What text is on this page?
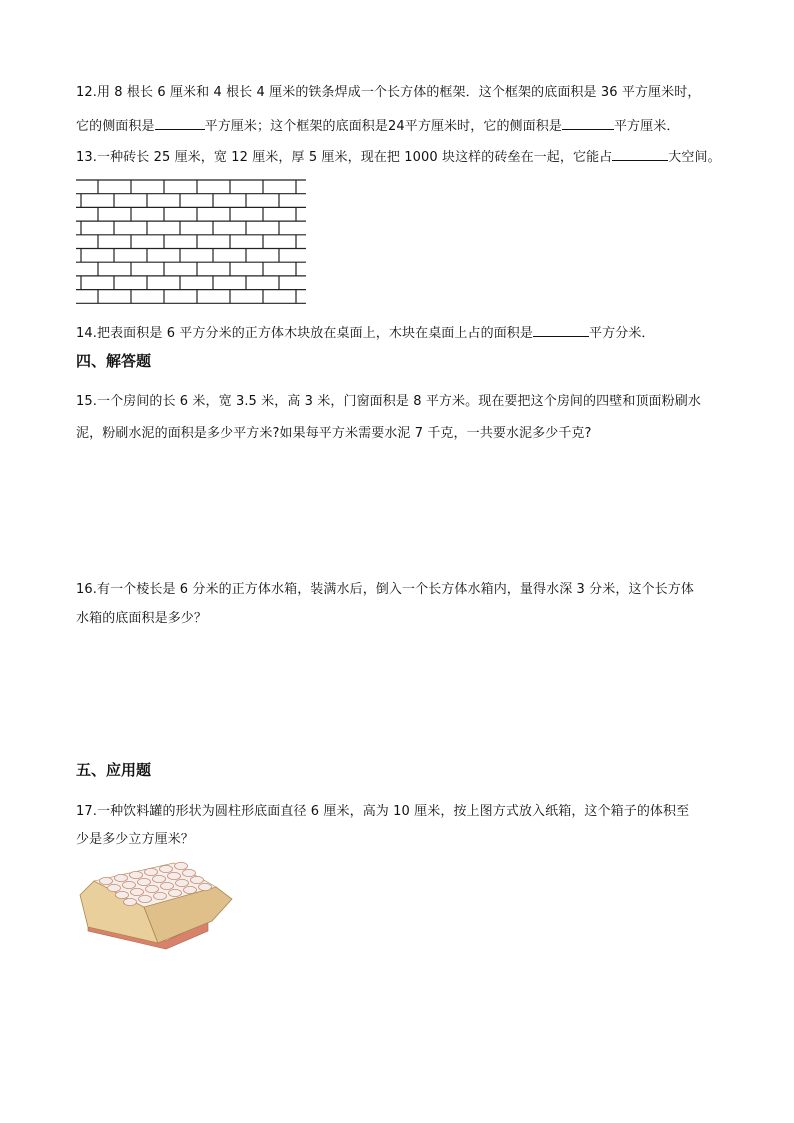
12.用 8 根长 6 厘米和 4 根长 4 厘米的铁条焊成一个长方体的框架．这个框架的底面积是 36 平方厘米时，
它的侧面积是	平方厘米；这个框架的底面积是24平方厘米时，它的侧面积是	平方厘米．
13.一种砖长 25 厘米，宽 12 厘米，厚 5 厘米，现在把 1000 块这样的砖垒在一起，它能占	大空间。
14.把表面积是 6 平方分米的正方体木块放在桌面上，木块在桌面上占的面积是	平方分米．
四、解答题
15.一个房间的长 6 米，宽 3.5 米，高 3 米，门窗面积是 8 平方米。现在要把这个房间的四壁和顶面粉刷水
泥，粉刷水泥的面积是多少平方米?如果每平方米需要水泥 7 千克，一共要水泥多少千克?
16.有一个棱长是 6 分米的正方体水箱，装满水后，倒入一个长方体水箱内，量得水深 3 分米，这个长方体
水箱的底面积是多少？
五、应用题
17.一种饮料罐的形状为圆柱形底面直径 6 厘米，高为 10 厘米，按上图方式放入纸箱，这个箱子的体积至
少是多少立方厘米？
